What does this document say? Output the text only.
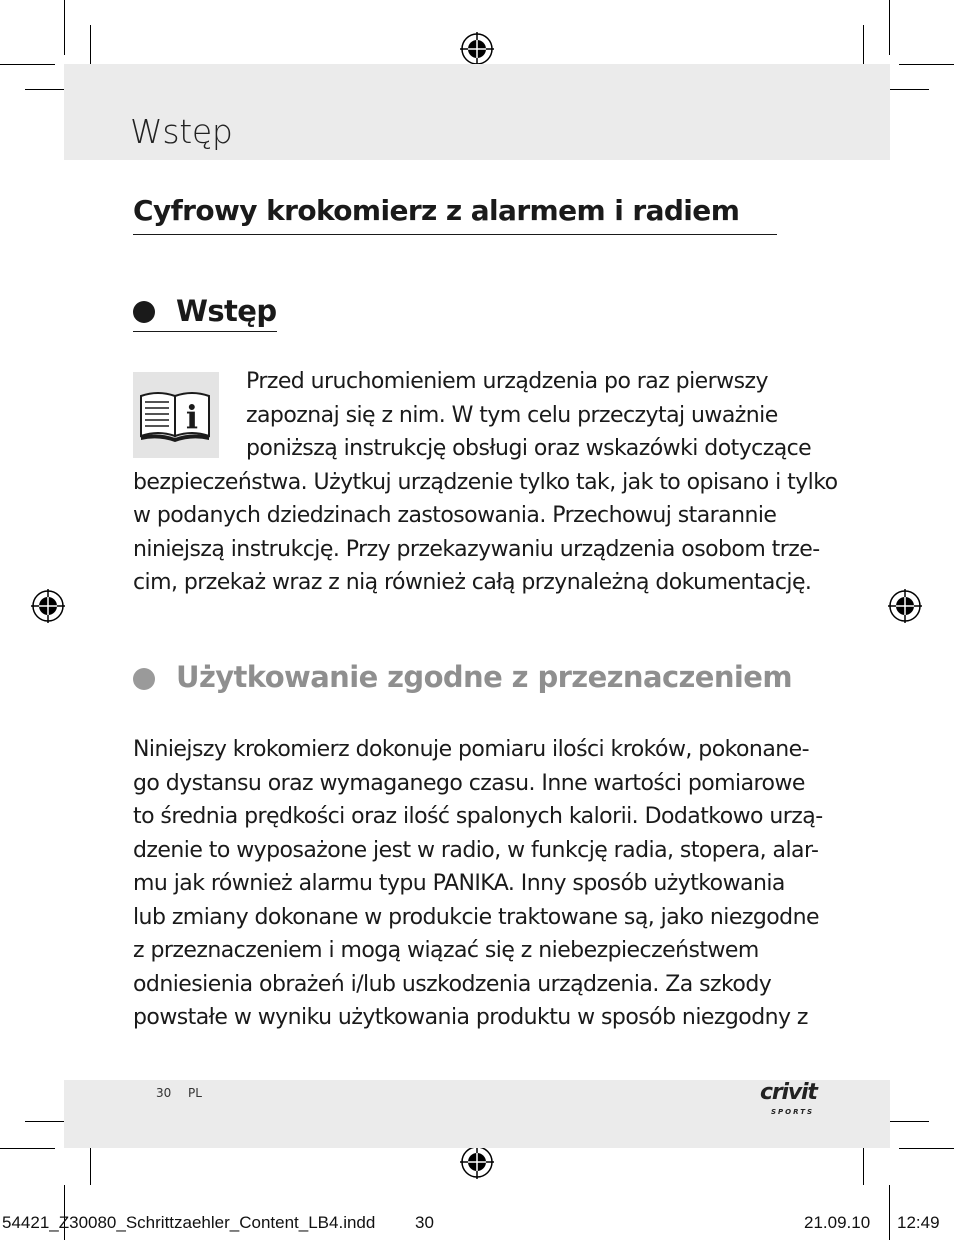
Wstęp
Cyfrowy krokomierz z alarmem i radiem
Wstęp
i
Przed uruchomieniem urządzenia po raz pierwszy
zapoznaj się z nim. W tym celu przeczytaj uważnie
poniższą instrukcję obsługi oraz wskazówki dotyczące
bezpieczeństwa. Użytkuj urządzenie tylko tak, jak to opisano i tylko
w podanych dziedzinach zastosowania. Przechowuj starannie
niniejszą instrukcję. Przy przekazywaniu urządzenia osobom trze-
cim, przekaż wraz z nią również całą przynależną dokumentację.
Użytkowanie zgodne z przeznaczeniem
Niniejszy krokomierz dokonuje pomiaru ilości kroków, pokonane-
go dystansu oraz wymaganego czasu. Inne wartości pomiarowe
to średnia prędkości oraz ilość spalonych kalorii. Dodatkowo urzą-
dzenie to wyposażone jest w radio, w funkcję radia, stopera, alar-
mu jak również alarmu typu PANIKA. Inny sposób użytkowania
lub zmiany dokonane w produkcie traktowane są, jako niezgodne
z przeznaczeniem i mogą wiązać się z niebezpieczeństwem
odniesienia obrażeń i/lub uszkodzenia urządzenia. Za szkody
powstałe w wyniku użytkowania produktu w sposób niezgodny z
30 PL	crivit
SPORTS
54421_Z30080_Schrittzaehler_Content_LB4.indd 30	21.09.10 12:49
